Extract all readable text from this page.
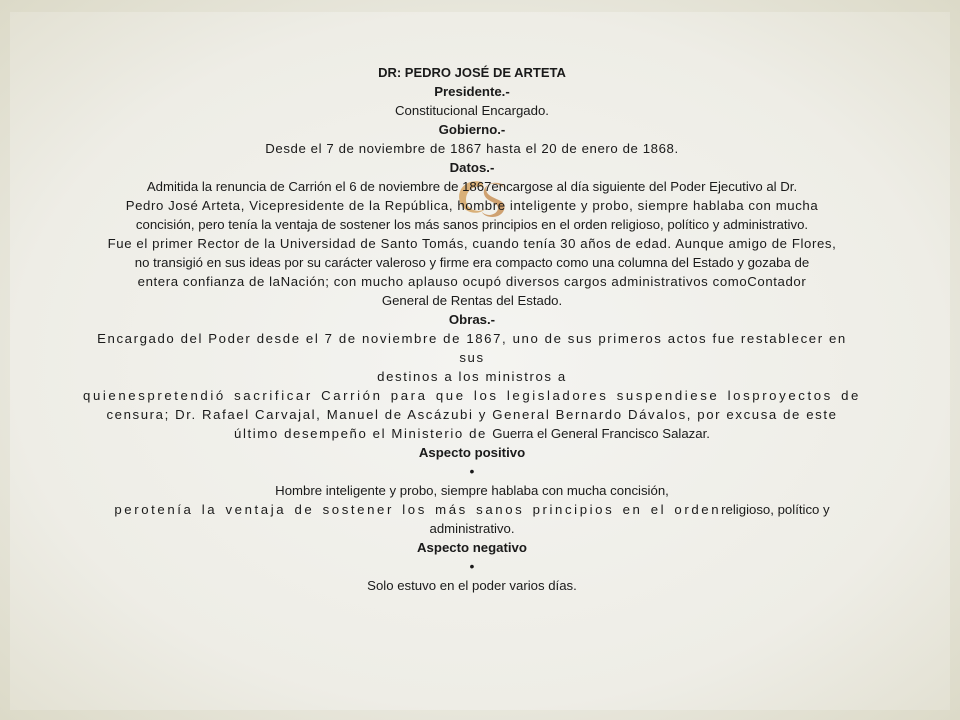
DR: PEDRO JOSÉ DE ARTETA

Presidente.-

Constitucional Encargado.

Gobierno.-

Desde el 7 de noviembre de 1867 hasta el 20 de enero de 1868.

Datos.-

Admitida la renuncia de Carrión el 6 de noviembre de 1867encargose al día siguiente del Poder Ejecutivo al Dr.

Pedro José Arteta, Vicepresidente de la República, hombre inteligente y probo, siempre hablaba con mucha

concisión, pero tenía la ventaja de sostener los más sanos principios en el orden religioso, político y administrativo.

Fue el primer Rector de la Universidad de Santo Tomás, cuando tenía 30 años de edad. Aunque amigo de Flores,

no transigió en sus ideas por su carácter valeroso y firme era compacto como una columna del Estado y gozaba de

entera confianza de laNación; con mucho aplauso ocupó diversos cargos administrativos comoContador

General de Rentas del Estado.

Obras.-

Encargado del Poder desde el 7 de noviembre de 1867, uno de sus primeros actos fue restablecer en sus

destinos a los ministros a

quienespretendió sacrificar Carrión para que los legisladores suspendiese losproyectos de

censura; Dr. Rafael Carvajal, Manuel de Ascázubi y General Bernardo Dávalos, por excusa de este

último desempeño el Ministerio de Guerra el General Francisco Salazar.

Aspecto positivo

•

Hombre inteligente y probo, siempre hablaba con mucha concisión,

perotenía la ventaja de sostener los más sanos principios en el ordenreligioso, político y

administrativo.

Aspecto negativo

•

Solo estuvo en el poder varios días.
